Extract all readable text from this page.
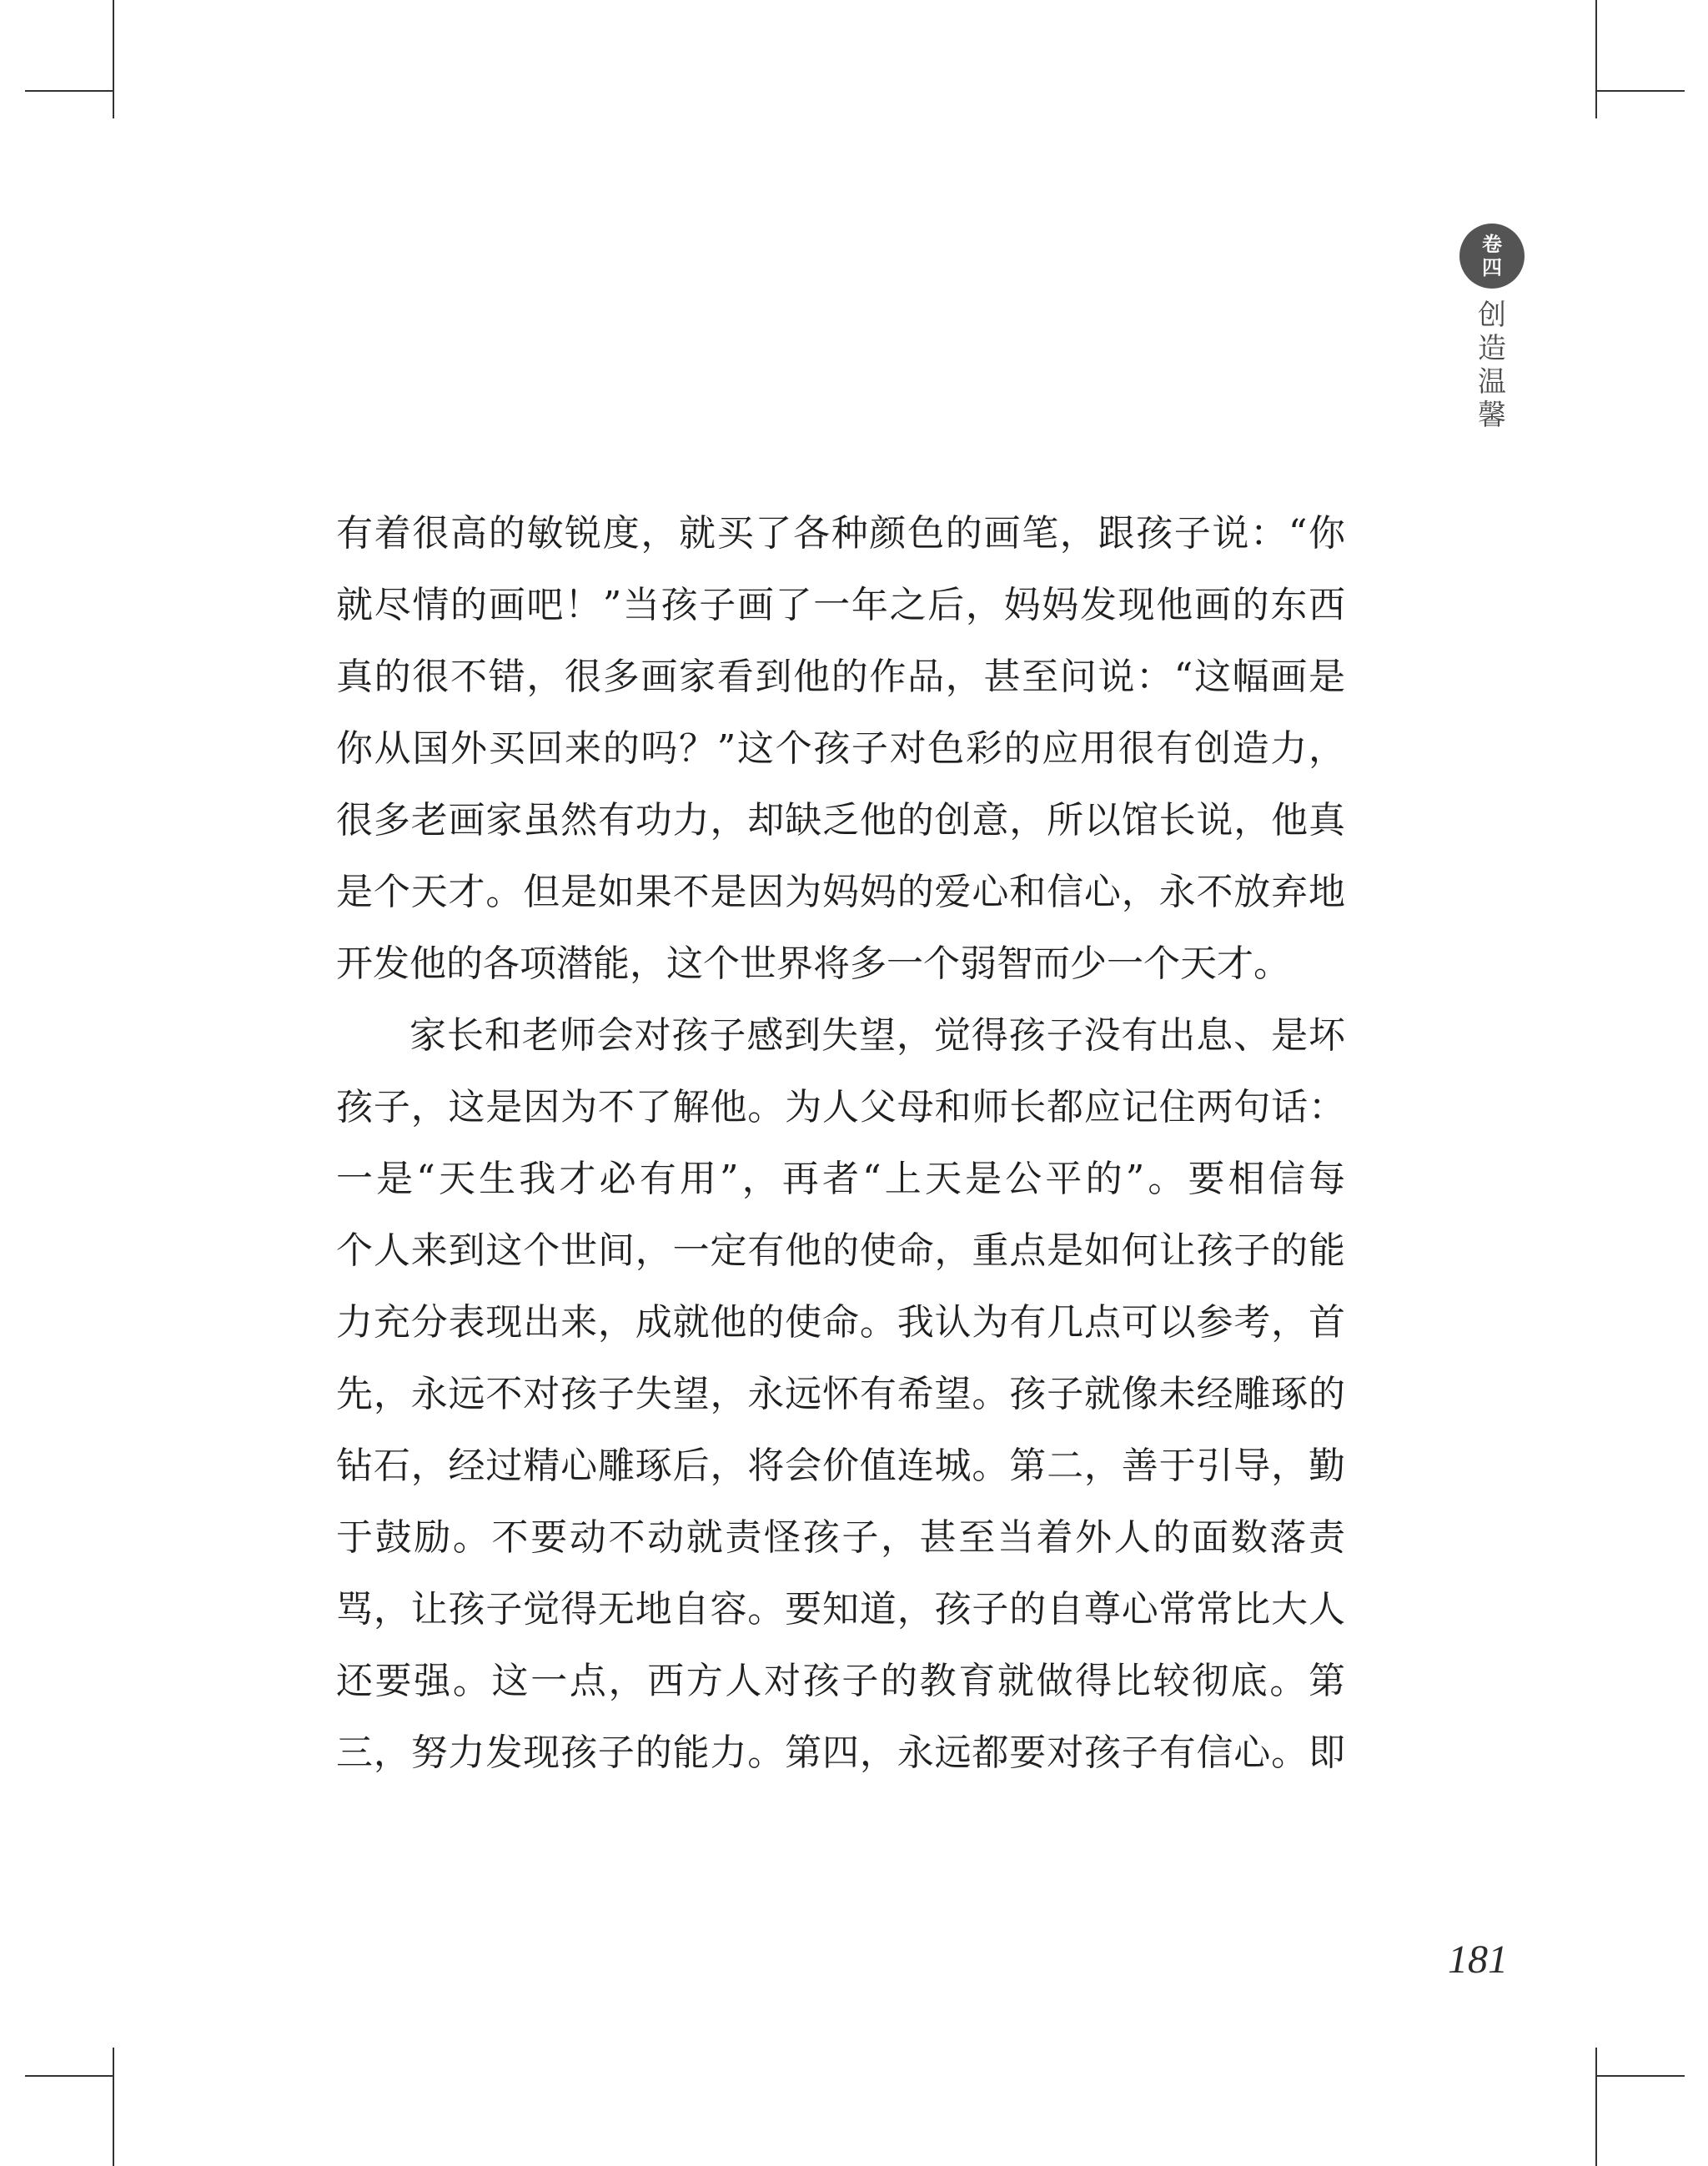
卷
四
创
造
温
馨
有着很高的敏锐度，就买了各种颜色的画笔，跟孩子说：“你
就尽情的画吧！”当孩子画了一年之后，妈妈发现他画的东西
真的很不错，很多画家看到他的作品，甚至问说：“这幅画是
你从国外买回来的吗？”这个孩子对色彩的应用很有创造力，
很多老画家虽然有功力，却缺乏他的创意，所以馆长说，他真
是个天才。但是如果不是因为妈妈的爱心和信心，永不放弃地
开发他的各项潜能，这个世界将多一个弱智而少一个天才。
家长和老师会对孩子感到失望，觉得孩子没有出息、是坏
孩子，这是因为不了解他。为人父母和师长都应记住两句话：
一是“天生我才必有用”，再者“上天是公平的”。要相信每
个人来到这个世间，一定有他的使命，重点是如何让孩子的能
力充分表现出来，成就他的使命。我认为有几点可以参考，首
先，永远不对孩子失望，永远怀有希望。孩子就像未经雕琢的
钻石，经过精心雕琢后，将会价值连城。第二，善于引导，勤
于鼓励。不要动不动就责怪孩子，甚至当着外人的面数落责
骂，让孩子觉得无地自容。要知道，孩子的自尊心常常比大人
还要强。这一点，西方人对孩子的教育就做得比较彻底。第
三，努力发现孩子的能力。第四，永远都要对孩子有信心。即
181
